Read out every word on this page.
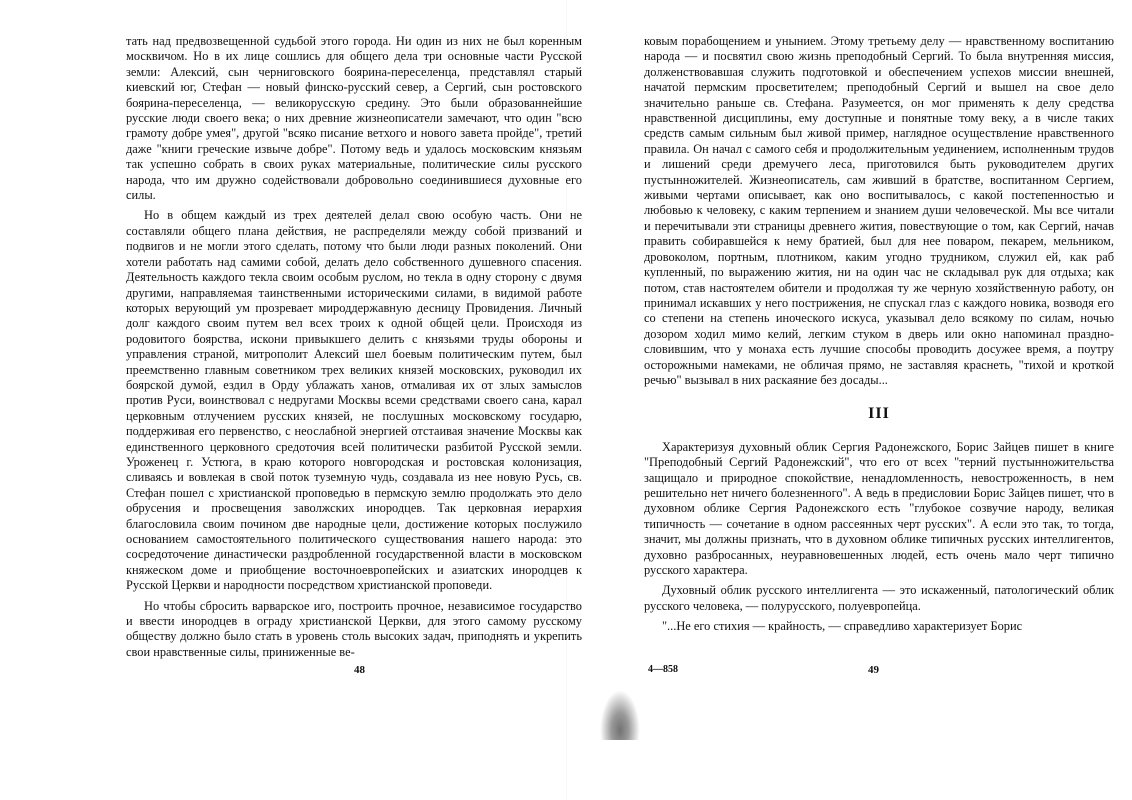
тать над предвозвещенной судьбой этого города. Ни один из них не был коренным москвичом. Но в их лице сошлись для общего дела три основные части Русской земли: Алексий, сын черниговского боярина-переселенца, представлял старый киевский юг, Стефан — новый финско-русский север, а Сергий, сын ростовского боярина-переселенца, — великорусскую средину. Это были образованнейшие русские люди своего века; о них древние жизнеописатели замечают, что один "всю грамоту добре умея", другой "всяко писание ветхого и нового завета пройде", третий даже "книги греческие извыче добре". Потому ведь и удалось московским князьям так успешно собрать в своих руках материальные, политические силы русского народа, что им дружно содействовали добровольно соединившиеся духовные его силы.

Но в общем каждый из трех деятелей делал свою особую часть. Они не составляли общего плана действия, не распределяли между собой призваний и подвигов и не могли этого сделать, потому что были люди разных поколений. Они хотели работать над самими собой, делать дело собственного душевного спасения. Деятельность каждого текла своим особым руслом, но текла в одну сторону с двумя другими, направляемая таинственными историческими силами, в видимой работе которых верующий ум прозревает мироддержавную десницу Провидения. Личный долг каждого своим путем вел всех троих к одной общей цели. Происходя из родовитого боярства, искони привыкшего делить с князьями труды обороны и управления страной, митрополит Алексий шел боевым политическим путем, был преемственно главным советником трех великих князей московских, руководил их боярской думой, ездил в Орду ублажать ханов, отмаливая их от злых замыслов против Руси, воинствовал с недругами Москвы всеми средствами своего сана, карал церковным отлучением русских князей, не послушных московскому государю, поддерживая его первенство, с неослабной энергией отстаивая значение Москвы как единственного церковного средоточия всей политически разбитой Русской земли. Уроженец г. Устюга, в краю которого новгородская и ростовская колонизация, сливаясь и вовлекая в свой поток туземную чудь, создавала из нее новую Русь, св. Стефан пошел с христианской проповедью в пермскую землю продолжать это дело обрусения и просвещения заволжских инородцев. Так церковная иерархия благословила своим почином две народные цели, достижение которых послужило основанием самостоятельного политического существования нашего народа: это сосредоточение династически раздробленной государственной власти в московском княжеском доме и приобщение восточноевропейских и азиатских инородцев к Русской Церкви и народности посредством христианской проповеди.

Но чтобы сбросить варварское иго, построить прочное, независимое государство и ввести инородцев в ограду христианской Церкви, для этого самому русскому обществу должно было стать в уровень столь высоких задач, приподнять и укрепить свои нравственные силы, приниженные ве-

48

ковым порабощением и унынием. Этому третьему делу — нравственному воспитанию народа — и посвятил свою жизнь преподобный Сергий. То была внутренняя миссия, долженствовавшая служить подготовкой и обеспечением успехов миссии внешней, начатой пермским просветителем; преподобный Сергий и вышел на свое дело значительно раньше св. Стефана. Разумеется, он мог применять к делу средства нравственной дисциплины, ему доступные и понятные тому веку, а в числе таких средств самым сильным был живой пример, наглядное осуществление нравственного правила. Он начал с самого себя и продолжительным уединением, исполненным трудов и лишений среди дремучего леса, приготовился быть руководителем других пустынножителей. Жизнеописатель, сам живший в братстве, воспитанном Сергием, живыми чертами описывает, как оно воспитывалось, с какой постепенностью и любовью к человеку, с каким терпением и знанием души человеческой. Мы все читали и перечитывали эти страницы древнего жития, повествующие о том, как Сергий, начав править собиравшейся к нему братией, был для нее поваром, пекарем, мельником, дровоколом, портным, плотником, каким угодно трудником, служил ей, как раб купленный, по выражению жития, ни на один час не складывал рук для отдыха; как потом, став настоятелем обители и продолжая ту же черную хозяйственную работу, он принимал искавших у него пострижения, не спускал глаз с каждого новика, возводя его со степени на степень иноческого искуса, указывал дело всякому по силам, ночью дозором ходил мимо келий, легким стуком в дверь или окно напоминал празднословившим, что у монаха есть лучшие способы проводить досужее время, а поутру осторожными намеками, не обличая прямо, не заставляя краснеть, "тихой и кроткой речью" вызывал в них раскаяние без досады...

III

Характеризуя духовный облик Сергия Радонежского, Борис Зайцев пишет в книге "Преподобный Сергий Радонежский", что его от всех "терний пустынножительства защищало и природное спокойствие, ненадломленность, невостроженность, в нем решительно нет ничего болезненного". А ведь в предисловии Борис Зайцев пишет, что в духовном облике Сергия Радонежского есть "глубокое созвучие народу, великая типичность — сочетание в одном рассеянных черт русских". А если это так, то тогда, значит, мы должны признать, что в духовном облике типичных русских интеллигентов, духовно разбросанных, неуравновешенных людей, есть очень мало черт типично русского характера.

Духовный облик русского интеллигента — это искаженный, патологический облик русского человека, — полурусского, полуевропейца.

"...Не его стихия — крайность, — справедливо характеризует Борис

4—858	49
